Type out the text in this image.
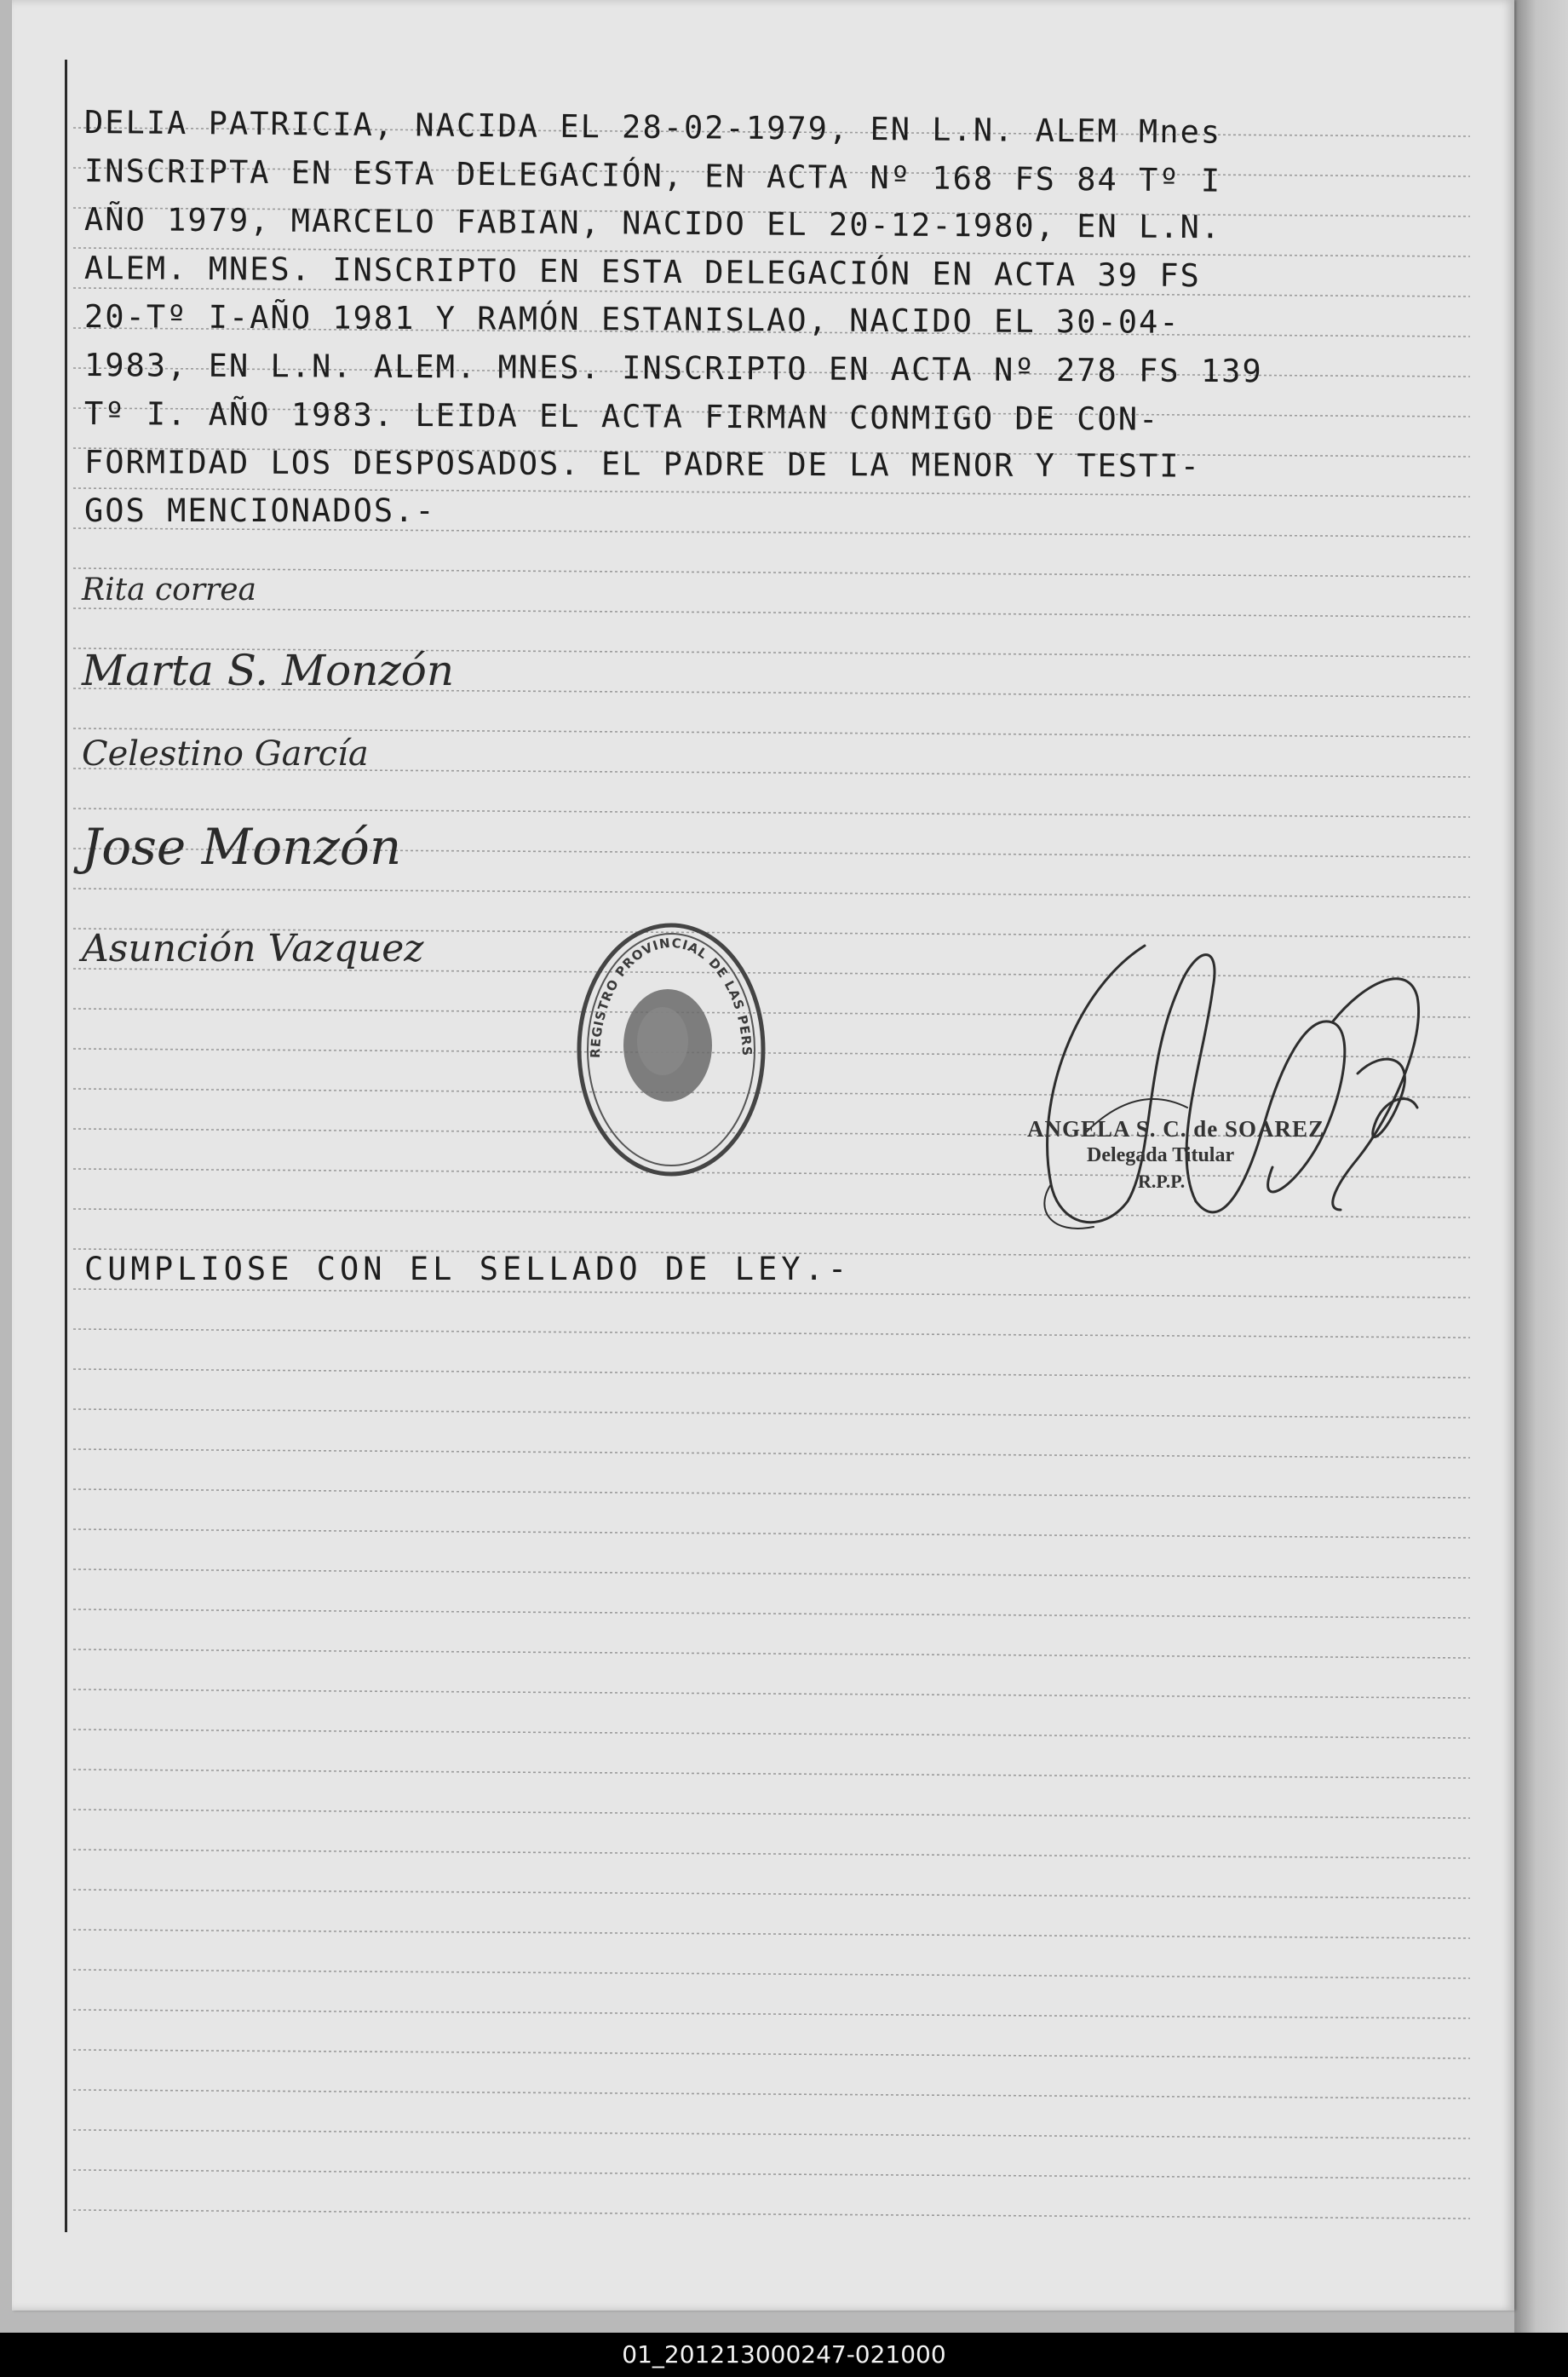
DELIA PATRICIA, NACIDA EL 28-02-1979, EN L.N. ALEM Mnes
INSCRIPTA EN ESTA DELEGACIÓN, EN ACTA Nº 168 FS 84 Tº I
AÑO 1979, MARCELO FABIAN, NACIDO EL 20-12-1980, EN L.N.
ALEM. MNES. INSCRIPTO EN ESTA DELEGACIÓN EN ACTA 39 FS
20-Tº I-AÑO 1981 Y RAMÓN ESTANISLAO, NACIDO EL 30-04-
1983, EN L.N. ALEM. MNES. INSCRIPTO EN ACTA Nº 278 FS 139
Tº I. AÑO 1983. LEIDA EL ACTA FIRMAN CONMIGO DE CON-
FORMIDAD LOS DESPOSADOS. EL PADRE DE LA MENOR Y TESTI-
GOS MENCIONADOS.-
Rita correa
Marta S. Monzón
Celestino García
Jose Monzón
Asunción Vazquez
REGISTRO PROVINCIAL DE LAS PERS
ANGELA S. C. de SOAREZ
Delegada Titular
R.P.P.
CUMPLIOSE CON EL SELLADO DE LEY.-
01_201213000247-021000
